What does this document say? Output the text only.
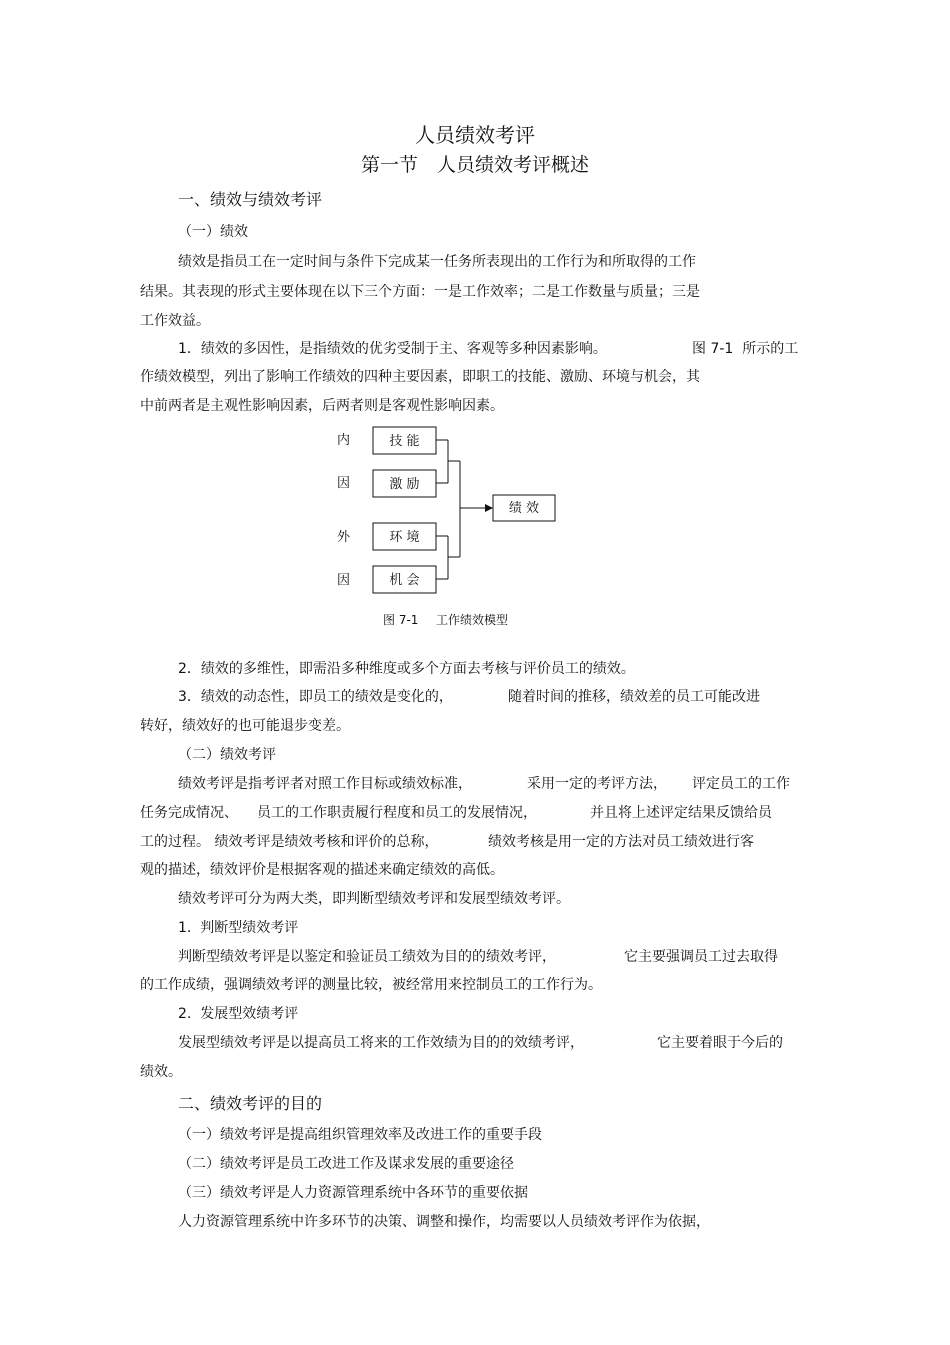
人员绩效考评
第一节　人员绩效考评概述
一、绩效与绩效考评
（一）绩效
绩效是指员工在一定时间与条件下完成某一任务所表现出的工作行为和所取得的工作
结果。其表现的形式主要体现在以下三个方面：一是工作效率；二是工作数量与质量；三是
工作效益。
1．绩效的多因性，是指绩效的优劣受制于主、客观等多种因素影响。	图 7-1  所示的工
作绩效模型，列出了影响工作绩效的四种主要因素，即职工的技能、激励、环境与机会，其
中前两者是主观性影响因素，后两者则是客观性影响因素。
内
因
外
因
技 能
激 励
环 境
机 会
绩 效
图 7-1 工作绩效模型
2．绩效的多维性，即需沿多种维度或多个方面去考核与评价员工的绩效。
3．绩效的动态性，即员工的绩效是变化的，	随着时间的推移，绩效差的员工可能改进
转好，绩效好的也可能退步变差。
（二）绩效考评
绩效考评是指考评者对照工作目标或绩效标准，	采用一定的考评方法， 评定员工的工作
任务完成情况、 员工的工作职责履行程度和员工的发展情况，	并且将上述评定结果反馈给员
工的过程。 绩效考评是绩效考核和评价的总称，	绩效考核是用一定的方法对员工绩效进行客
观的描述，绩效评价是根据客观的描述来确定绩效的高低。
绩效考评可分为两大类，即判断型绩效考评和发展型绩效考评。
1.  判断型绩效考评
判断型绩效考评是以鉴定和验证员工绩效为目的的绩效考评，	它主要强调员工过去取得
的工作成绩，强调绩效考评的测量比较，被经常用来控制员工的工作行为。
2.  发展型效绩考评
发展型绩效考评是以提高员工将来的工作效绩为目的的效绩考评，	它主要着眼于今后的
绩效。
二、绩效考评的目的
（一）绩效考评是提高组织管理效率及改进工作的重要手段
（二）绩效考评是员工改进工作及谋求发展的重要途径
（三）绩效考评是人力资源管理系统中各环节的重要依据
人力资源管理系统中许多环节的决策、调整和操作，均需要以人员绩效考评作为依据，
